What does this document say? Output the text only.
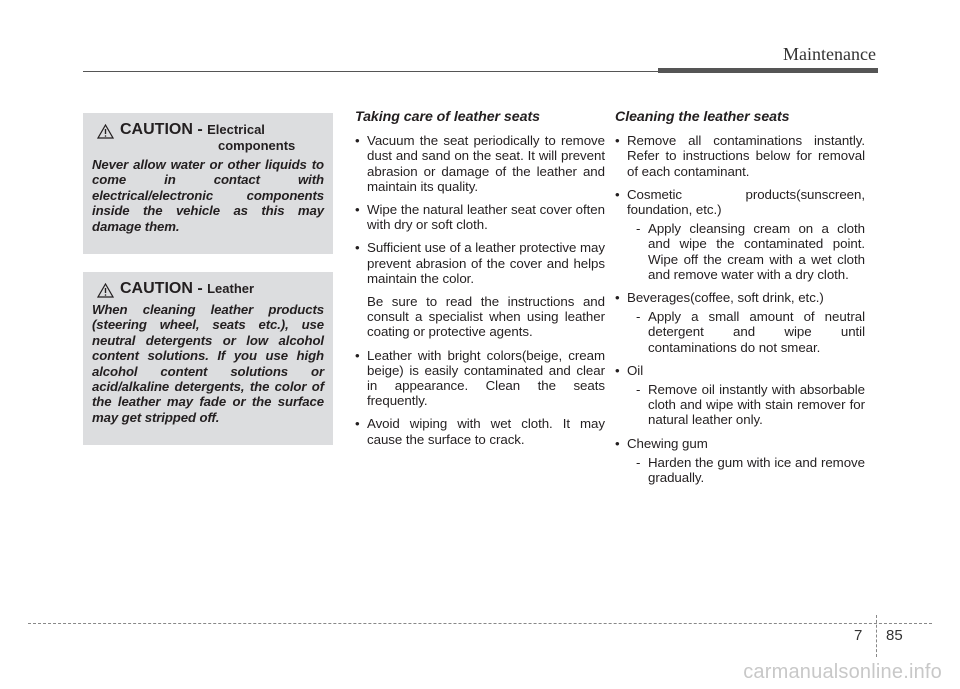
Maintenance
CAUTION - Electrical
components
Never allow water or other liquids to come in contact with electrical/electronic components inside the vehicle as this may damage them.
CAUTION - Leather
When cleaning leather products (steering wheel, seats etc.), use neutral detergents or low alcohol content solutions. If you use high alcohol content solutions or acid/alkaline detergents, the color of the leather may fade or the surface may get stripped off.
Taking care of leather seats
• Vacuum the seat periodically to remove dust and sand on the seat. It will prevent abrasion or damage of the leather and maintain its quality.
• Wipe the natural leather seat cover often with dry or soft cloth.
• Sufficient use of a leather protective may prevent abrasion of the cover and helps maintain the color.
Be sure to read the instructions and consult a specialist when using leather coating or protective agents.
• Leather with bright colors(beige, cream beige) is easily contaminated and clear in appearance. Clean the seats frequently.
• Avoid wiping with wet cloth. It may cause the surface to crack.
Cleaning the leather seats
• Remove all contaminations instantly. Refer to instructions below for removal of each contaminant.
• Cosmetic products(sunscreen, foundation, etc.)
- Apply cleansing cream on a cloth and wipe the contaminated point. Wipe off the cream with a wet cloth and remove water with a dry cloth.
• Beverages(coffee, soft drink, etc.)
- Apply a small amount of neutral detergent and wipe until contaminations do not smear.
• Oil
- Remove oil instantly with absorbable cloth and wipe with stain remover for natural leather only.
• Chewing gum
- Harden the gum with ice and remove gradually.
7 85
carmanualsonline.info
